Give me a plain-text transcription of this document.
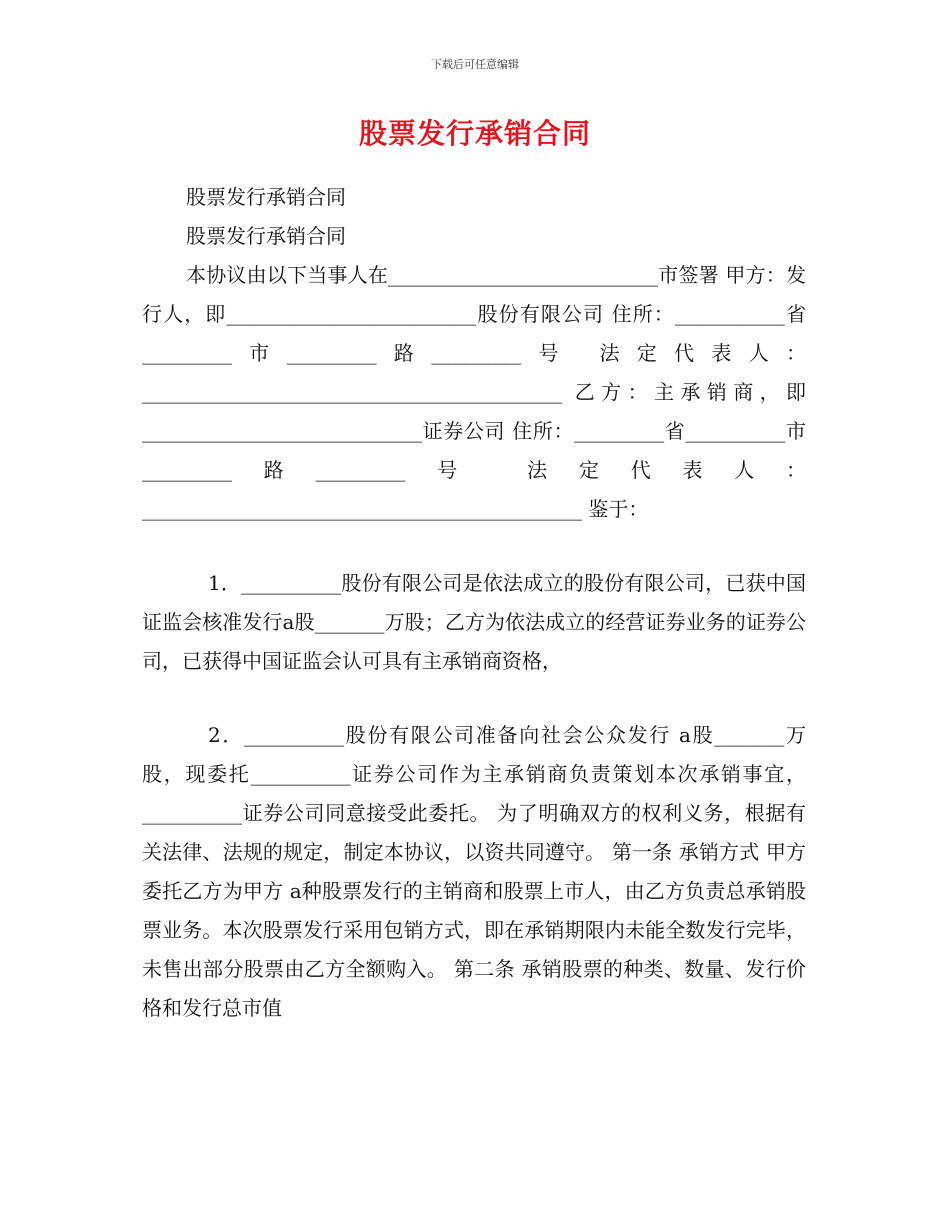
下载后可任意编辑
股票发行承销合同

股票发行承销合同

股票发行承销合同

本协议由以下当事人在___________________________市签署 甲方：发行人，即_________________________股份有限公司 住所：___________省_________市_________路_________号 法定代表人：__________________________________________ 乙方：主承销商，即____________________________证券公司 住所：_________省__________市_________路_________号 法定代表人：____________________________________________ 鉴于：

1．__________股份有限公司是依法成立的股份有限公司，已获中国证监会核准发行a股_______万股；乙方为依法成立的经营证券业务的证券公司，已获得中国证监会认可具有主承销商资格，

2．__________股份有限公司准备向社会公众发行 a股_______万股，现委托__________证券公司作为主承销商负责策划本次承销事宜，__________证券公司同意接受此委托。 为了明确双方的权利义务，根据有关法律、法规的规定，制定本协议，以资共同遵守。 第一条 承销方式 甲方委托乙方为甲方 a种股票发行的主销商和股票上市人，由乙方负责总承销股票业务。本次股票发行采用包销方式，即在承销期限内未能全数发行完毕，未售出部分股票由乙方全额购入。 第二条 承销股票的种类、数量、发行价格和发行总市值
